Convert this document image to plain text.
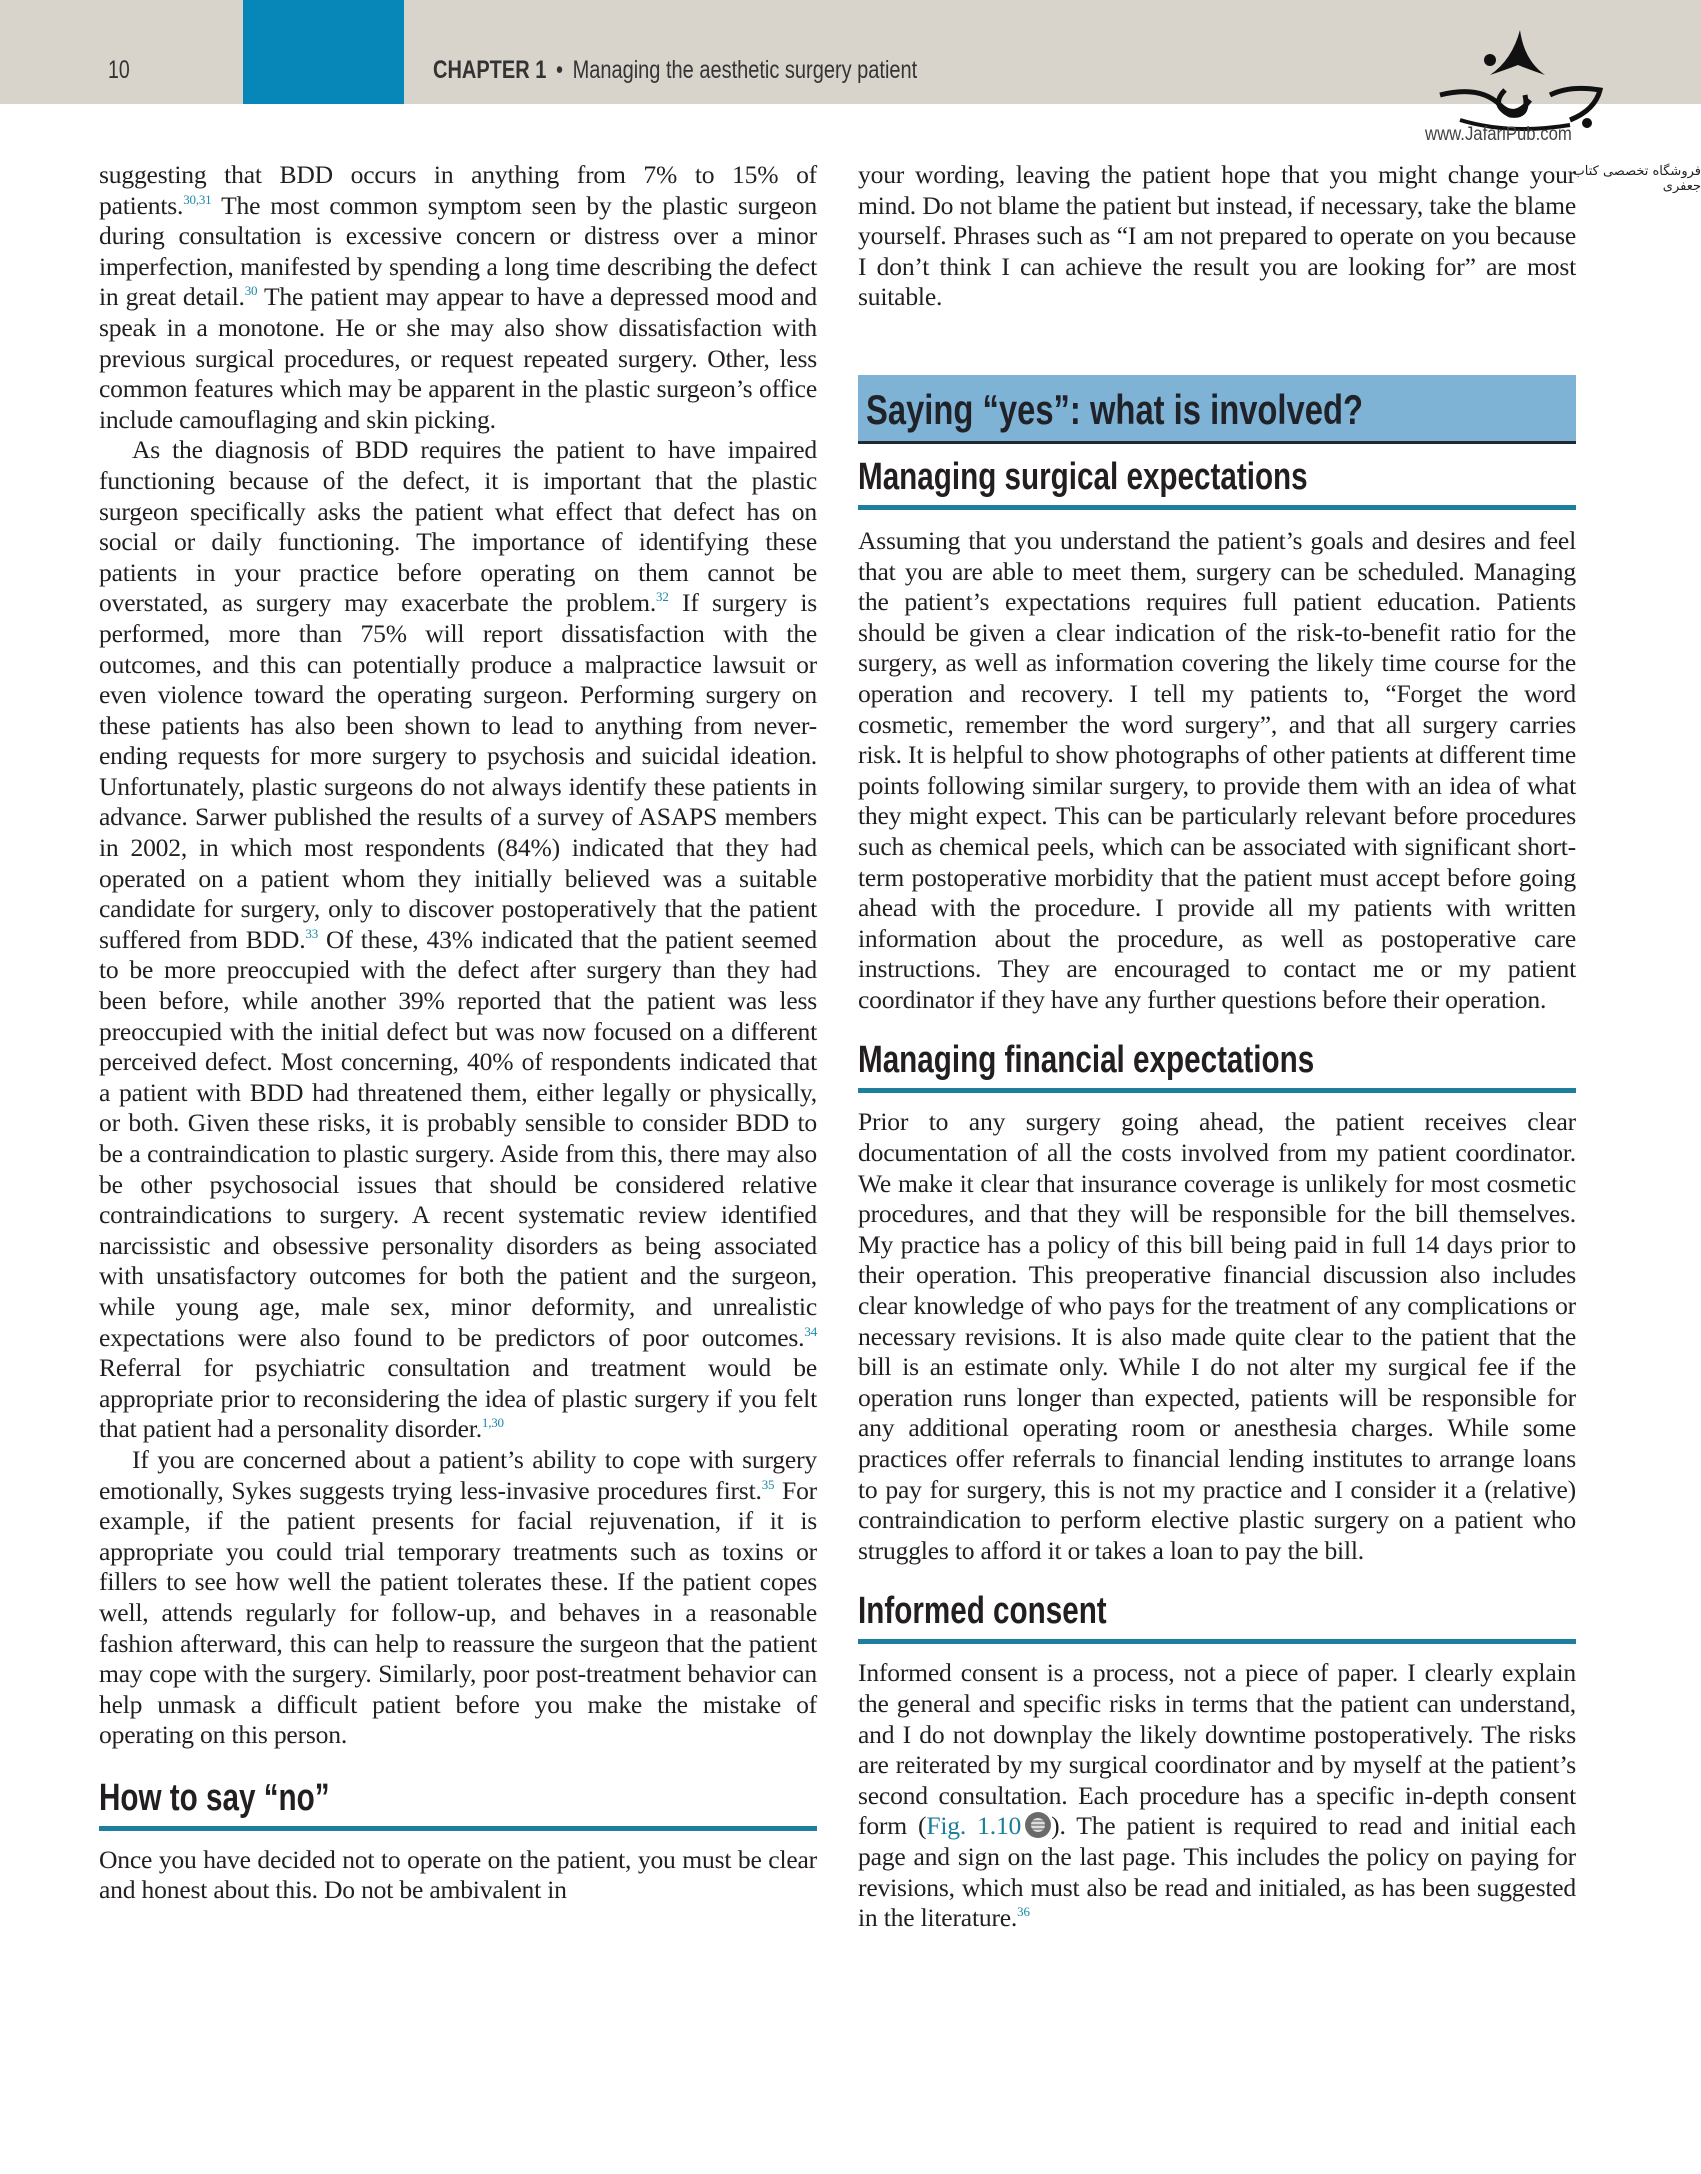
10	CHAPTER 1 • Managing the aesthetic surgery patient
www.JafariPub.com
فروشگاه تخصصی کتاب جعفری

suggesting that BDD occurs in anything from 7% to 15% of patients.$^{30,31}$ The most common symptom seen by the plastic surgeon during consultation is excessive concern or distress over a minor imperfection, manifested by spending a long time describing the defect in great detail.$^{30}$ The patient may appear to have a depressed mood and speak in a monotone. He or she may also show dissatisfaction with previous surgical procedures, or request repeated surgery. Other, less common features which may be apparent in the plastic surgeon’s office include camouflaging and skin picking.

As the diagnosis of BDD requires the patient to have impaired functioning because of the defect, it is important that the plastic surgeon specifically asks the patient what effect that defect has on social or daily functioning. The importance of identifying these patients in your practice before operating on them cannot be overstated, as surgery may exacerbate the problem.$^{32}$ If surgery is performed, more than 75% will report dissatisfaction with the outcomes, and this can potentially produce a malpractice lawsuit or even violence toward the operating surgeon. Performing surgery on these patients has also been shown to lead to anything from never-ending requests for more surgery to psychosis and suicidal ideation. Unfortunately, plastic surgeons do not always identify these patients in advance. Sarwer published the results of a survey of ASAPS members in 2002, in which most respondents (84%) indicated that they had operated on a patient whom they initially believed was a suitable candidate for surgery, only to discover postoperatively that the patient suffered from BDD.$^{33}$ Of these, 43% indicated that the patient seemed to be more preoccupied with the defect after surgery than they had been before, while another 39% reported that the patient was less preoccupied with the initial defect but was now focused on a different perceived defect. Most concerning, 40% of respondents indicated that a patient with BDD had threatened them, either legally or physically, or both. Given these risks, it is probably sensible to consider BDD to be a contraindication to plastic surgery. Aside from this, there may also be other psychosocial issues that should be considered relative contraindications to surgery. A recent systematic review identified narcissistic and obsessive personality disorders as being associated with unsatisfactory outcomes for both the patient and the surgeon, while young age, male sex, minor deformity, and unrealistic expectations were also found to be predictors of poor outcomes.$^{34}$ Referral for psychiatric consultation and treatment would be appropriate prior to reconsidering the idea of plastic surgery if you felt that patient had a personality disorder.$^{1,30}$

If you are concerned about a patient’s ability to cope with surgery emotionally, Sykes suggests trying less-invasive procedures first.$^{35}$ For example, if the patient presents for facial rejuvenation, if it is appropriate you could trial temporary treatments such as toxins or fillers to see how well the patient tolerates these. If the patient copes well, attends regularly for follow-up, and behaves in a reasonable fashion afterward, this can help to reassure the surgeon that the patient may cope with the surgery. Similarly, poor post-treatment behavior can help unmask a difficult patient before you make the mistake of operating on this person.

How to say “no”

Once you have decided not to operate on the patient, you must be clear and honest about this. Do not be ambivalent in

your wording, leaving the patient hope that you might change your mind. Do not blame the patient but instead, if necessary, take the blame yourself. Phrases such as “I am not prepared to operate on you because I don’t think I can achieve the result you are looking for” are most suitable.

Saying “yes”: what is involved?
Managing surgical expectations

Assuming that you understand the patient’s goals and desires and feel that you are able to meet them, surgery can be scheduled. Managing the patient’s expectations requires full patient education. Patients should be given a clear indication of the risk-to-benefit ratio for the surgery, as well as information covering the likely time course for the operation and recovery. I tell my patients to, “Forget the word cosmetic, remember the word surgery”, and that all surgery carries risk. It is helpful to show photographs of other patients at different time points following similar surgery, to provide them with an idea of what they might expect. This can be particularly relevant before procedures such as chemical peels, which can be associated with significant short-term postoperative morbidity that the patient must accept before going ahead with the procedure. I provide all my patients with written information about the procedure, as well as postoperative care instructions. They are encouraged to contact me or my patient coordinator if they have any further questions before their operation.

Managing financial expectations

Prior to any surgery going ahead, the patient receives clear documentation of all the costs involved from my patient coordinator. We make it clear that insurance coverage is unlikely for most cosmetic procedures, and that they will be responsible for the bill themselves. My practice has a policy of this bill being paid in full 14 days prior to their operation. This preoperative financial discussion also includes clear knowledge of who pays for the treatment of any complications or necessary revisions. It is also made quite clear to the patient that the bill is an estimate only. While I do not alter my surgical fee if the operation runs longer than expected, patients will be responsible for any additional operating room or anesthesia charges. While some practices offer referrals to financial lending institutes to arrange loans to pay for surgery, this is not my practice and I consider it a (relative) contraindication to perform elective plastic surgery on a patient who struggles to afford it or takes a loan to pay the bill.

Informed consent

Informed consent is a process, not a piece of paper. I clearly explain the general and specific risks in terms that the patient can understand, and I do not downplay the likely downtime postoperatively. The risks are reiterated by my surgical coordinator and by myself at the patient’s second consultation. Each procedure has a specific in-depth consent form (Fig. 1.10 ). The patient is required to read and initial each page and sign on the last page. This includes the policy on paying for revisions, which must also be read and initialed, as has been suggested in the literature.$^{36}$
